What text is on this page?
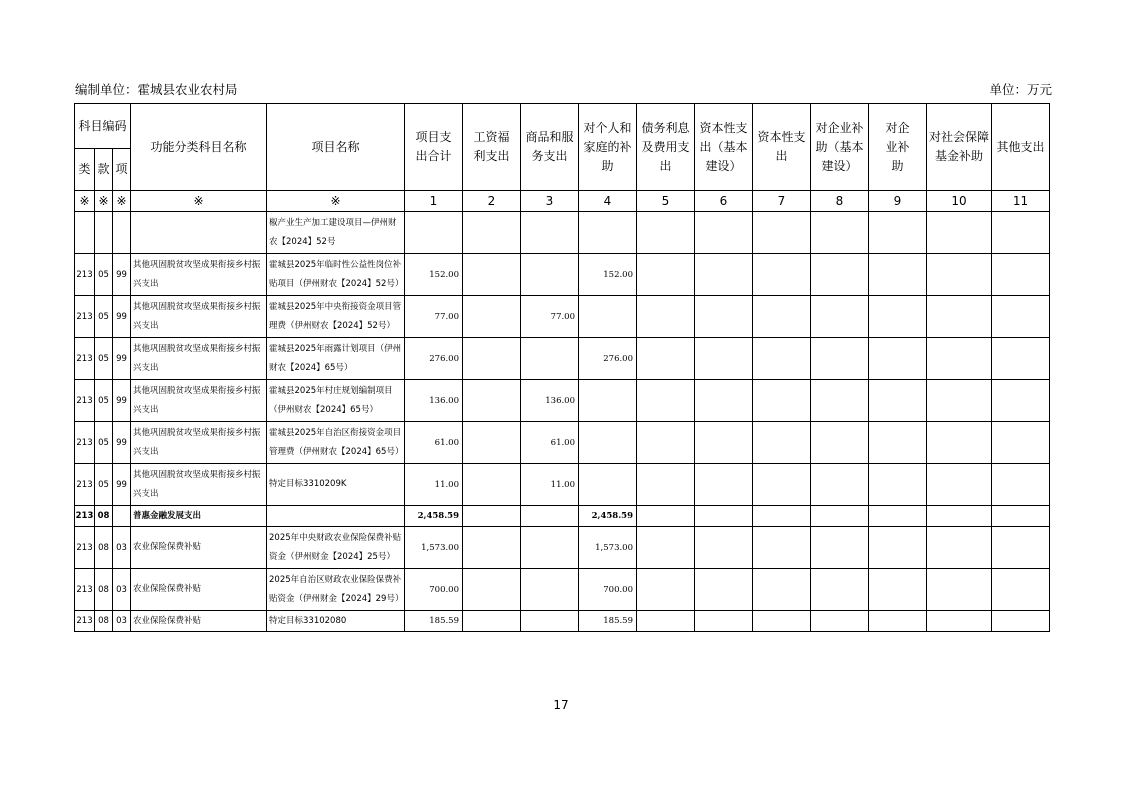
编制单位：霍城县农业农村局	单位：万元
科目编码			功能分类科目名称	项目名称	项目支出合计	工资福利支出	商品和服务支出	对个人和家庭的补助	债务利息及费用支出	资本性支出（基本建设）	资本性支出	对企业补助（基本建设）	对企业补助	对社会保障基金补助	其他支出
类	款	项													
※	※	※	※	※	1	2	3	4	5	6	7	8	9	10	11
				椒产业生产加工建设项目—伊州财农【2024】52号											
213	05	99	其他巩固脱贫攻坚成果衔接乡村振兴支出	霍城县2025年临时性公益性岗位补贴项目（伊州财农【2024】52号）	152.00			152.00							
213	05	99	其他巩固脱贫攻坚成果衔接乡村振兴支出	霍城县2025年中央衔接资金项目管理费（伊州财农【2024】52号）	77.00		77.00								
213	05	99	其他巩固脱贫攻坚成果衔接乡村振兴支出	霍城县2025年雨露计划项目（伊州财农【2024】65号）	276.00			276.00							
213	05	99	其他巩固脱贫攻坚成果衔接乡村振兴支出	霍城县2025年村庄规划编制项目（伊州财农【2024】65号）	136.00		136.00								
213	05	99	其他巩固脱贫攻坚成果衔接乡村振兴支出	霍城县2025年自治区衔接资金项目管理费（伊州财农【2024】65号）	61.00		61.00								
213	05	99	其他巩固脱贫攻坚成果衔接乡村振兴支出	特定目标3310209K	11.00		11.00								
213	08		普惠金融发展支出		2,458.59			2,458.59							
213	08	03	农业保险保费补贴	2025年中央财政农业保险保费补贴资金（伊州财金【2024】25号）	1,573.00			1,573.00							
213	08	03	农业保险保费补贴	2025年自治区财政农业保险保费补贴资金（伊州财金【2024】29号）	700.00			700.00							
213	08	03	农业保险保费补贴	特定目标33102080	185.59			185.59							
17
